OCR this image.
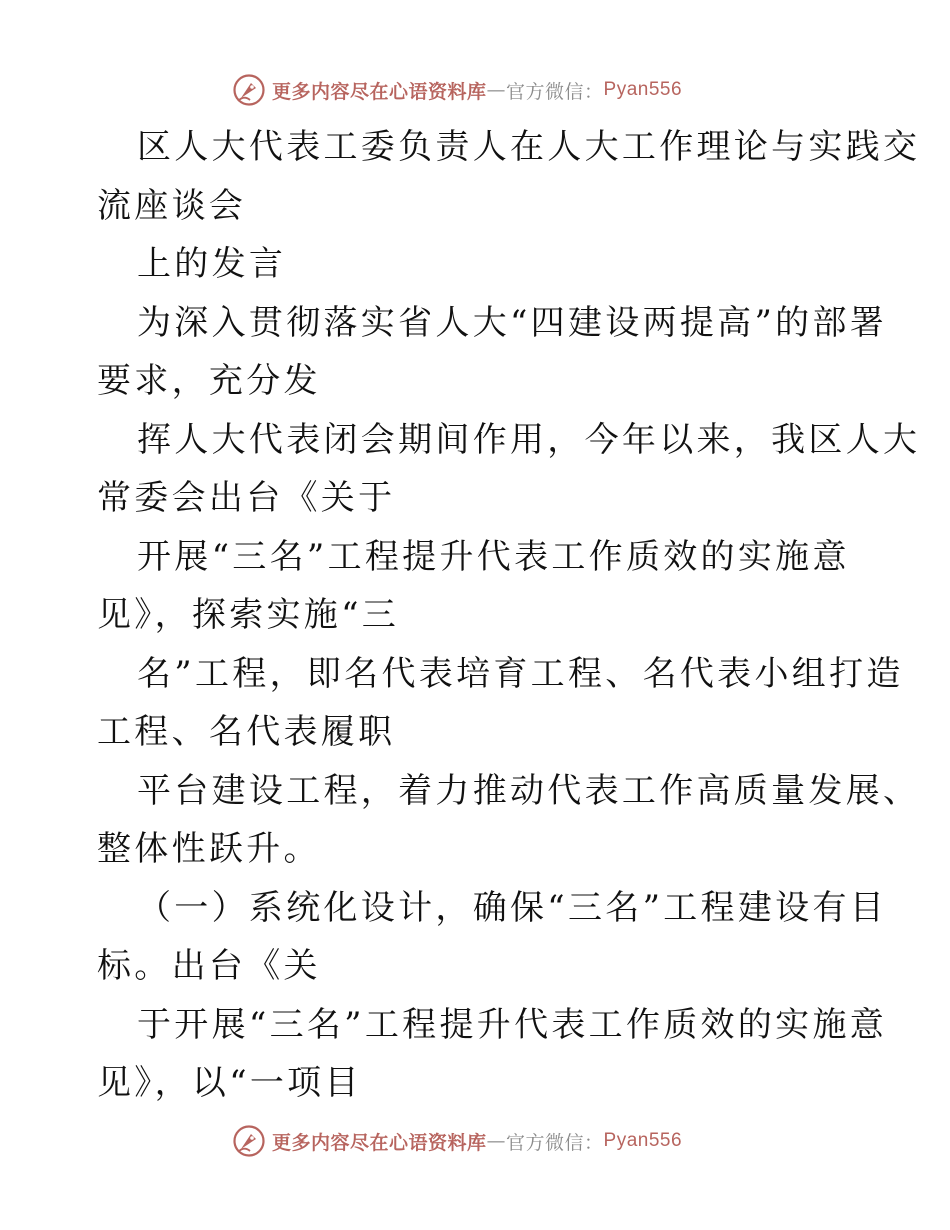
更多内容尽在心语资料库 — 官方微信： Pyan556
区人大代表工委负责人在人大工作理论与实践交
流座谈会
上的发言
为深入贯彻落实省人大“四建设两提高”的部署
要求，充分发
挥人大代表闭会期间作用，今年以来，我区人大
常委会出台《关于
开展“三名”工程提升代表工作质效的实施意
见》，探索实施“三
名”工程，即名代表培育工程、名代表小组打造
工程、名代表履职
平台建设工程，着力推动代表工作高质量发展、
整体性跃升。
（一）系统化设计，确保“三名”工程建设有目
标。出台《关
于开展“三名”工程提升代表工作质效的实施意
见》，以“一项目
更多内容尽在心语资料库 — 官方微信： Pyan556
